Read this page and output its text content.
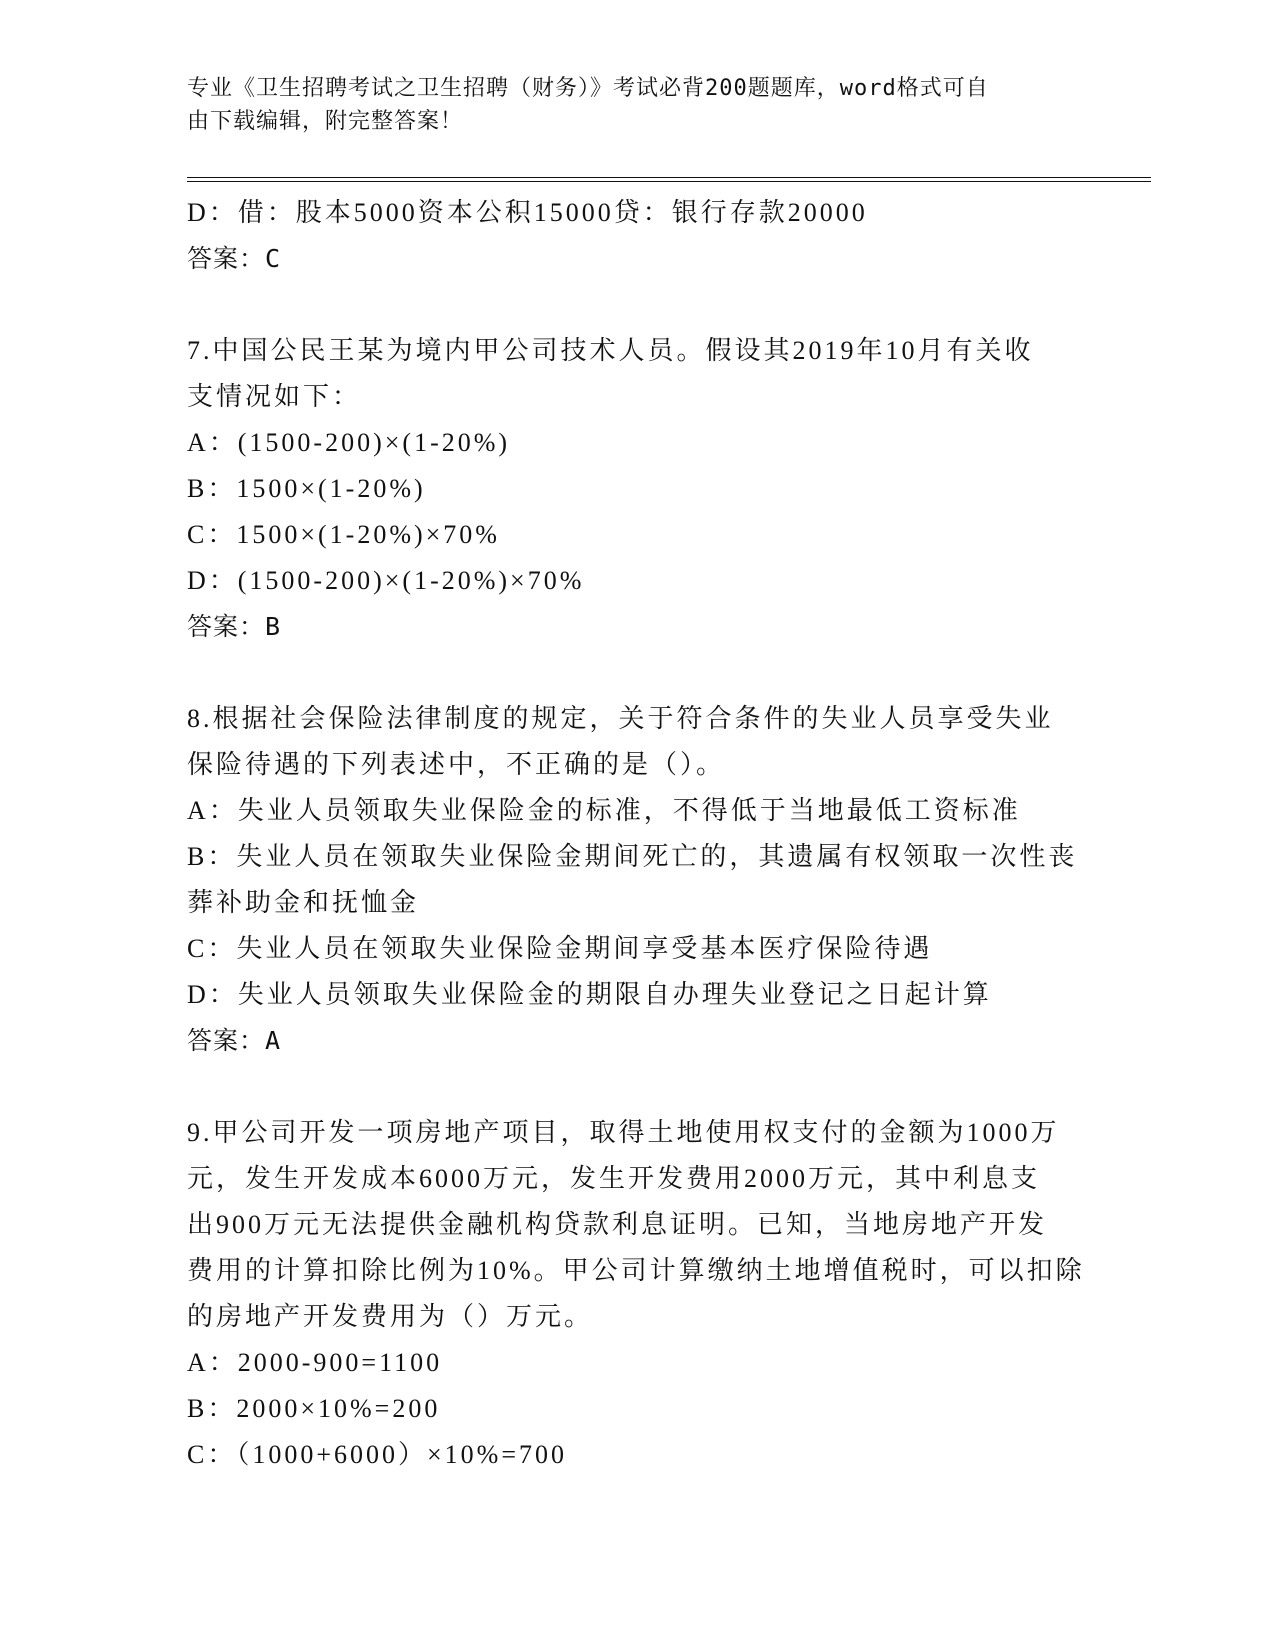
专业《卫生招聘考试之卫生招聘（财务）》考试必背200题题库，word格式可自
由下载编辑，附完整答案！
D：借：股本5000资本公积15000贷：银行存款20000
答案：C
7.中国公民王某为境内甲公司技术人员。假设其2019年10月有关收
支情况如下：
A：(1500-200)×(1-20%)
B：1500×(1-20%)
C：1500×(1-20%)×70%
D：(1500-200)×(1-20%)×70%
答案：B
8.根据社会保险法律制度的规定，关于符合条件的失业人员享受失业
保险待遇的下列表述中，不正确的是（）。
A：失业人员领取失业保险金的标准，不得低于当地最低工资标准
B：失业人员在领取失业保险金期间死亡的，其遗属有权领取一次性丧
葬补助金和抚恤金
C：失业人员在领取失业保险金期间享受基本医疗保险待遇
D：失业人员领取失业保险金的期限自办理失业登记之日起计算
答案：A
9.甲公司开发一项房地产项目，取得土地使用权支付的金额为1000万
元，发生开发成本6000万元，发生开发费用2000万元，其中利息支
出900万元无法提供金融机构贷款利息证明。已知，当地房地产开发
费用的计算扣除比例为10%。甲公司计算缴纳土地增值税时，可以扣除
的房地产开发费用为（）万元。
A：2000-900=1100
B：2000×10%=200
C：（1000+6000）×10%=700
